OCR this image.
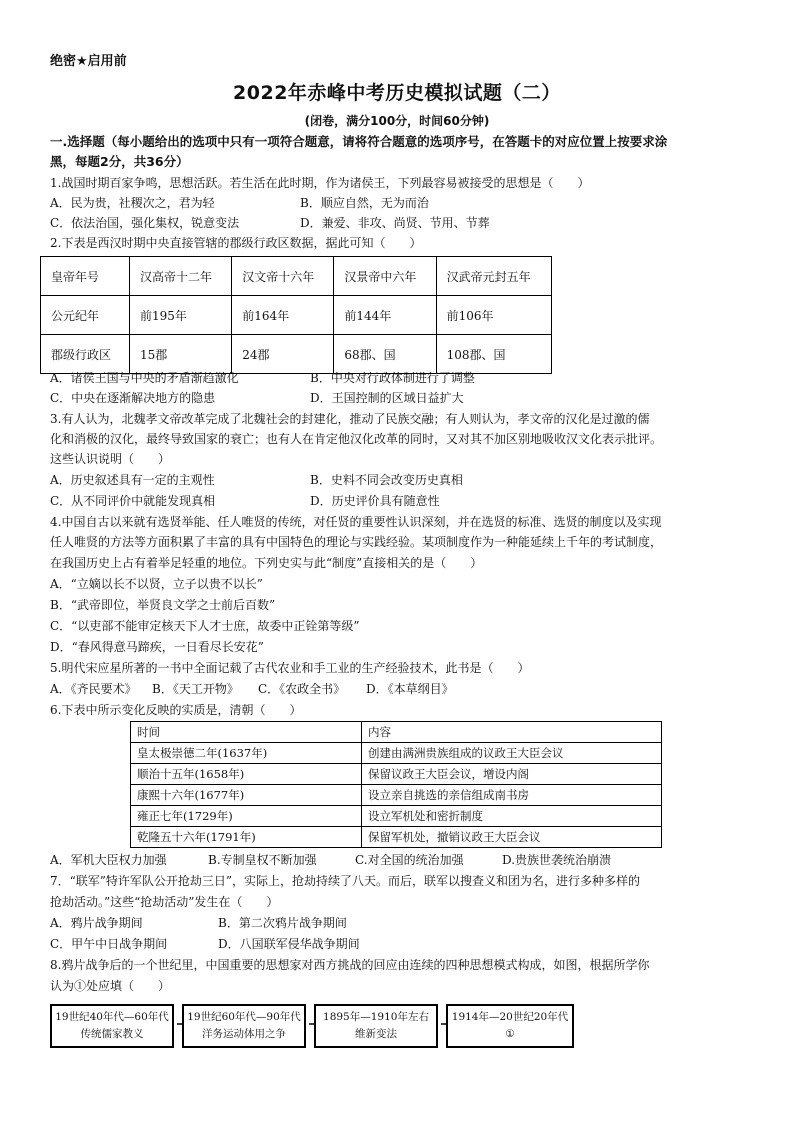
绝密★启用前
2022年赤峰中考历史模拟试题（二）
(闭卷，满分100分，时间60分钟)
一.选择题（每小题给出的选项中只有一项符合题意，请将符合题意的选项序号，在答题卡的对应位置上按要求涂
黑，每题2分，共36分）
1.战国时期百家争鸣，思想活跃。若生活在此时期，作为诸侯王，下列最容易被接受的思想是（　　）
A．民为贵，社稷次之，君为轻	B．顺应自然，无为而治
C．依法治国，强化集权，锐意变法	D．兼爱、非攻、尚贤、节用、节葬
2.下表是西汉时期中央直接管辖的郡级行政区数据，据此可知（　　）
皇帝年号	汉高帝十二年	汉文帝十六年	汉景帝中六年	汉武帝元封五年
公元纪年	前195年	前164年	前144年	前106年
郡级行政区	15郡	24郡	68郡、国	108郡、国
A．诸侯王国与中央的矛盾渐趋激化	B．中央对行政体制进行了调整
C．中央在逐渐解决地方的隐患	D．王国控制的区域日益扩大
3.有人认为，北魏孝文帝改革完成了北魏社会的封建化，推动了民族交融；有人则认为，孝文帝的汉化是过激的儒
化和消极的汉化，最终导致国家的衰亡；也有人在肯定他汉化改革的同时，又对其不加区别地吸收汉文化表示批评。
这些认识说明（　　）
A．历史叙述具有一定的主观性	B．史料不同会改变历史真相
C．从不同评价中就能发现真相	D．历史评价具有随意性
4.中国自古以来就有选贤举能、任人唯贤的传统，对任贤的重要性认识深刻，并在选贤的标准、选贤的制度以及实现
任人唯贤的方法等方面积累了丰富的具有中国特色的理论与实践经验。某项制度作为一种能延续上千年的考试制度，
在我国历史上占有着举足轻重的地位。下列史实与此“制度”直接相关的是（　　）
A．“立嫡以长不以贤，立子以贵不以长”
B．“武帝即位，举贤良文学之士前后百数”
C．“以吏部不能审定核天下人才士庶，故委中正铨第等级”
D．“春风得意马蹄疾，一日看尽长安花”
5.明代宋应星所著的一书中全面记载了古代农业和手工业的生产经验技术，此书是（　　）
A．《齐民要术》 B．《天工开物》 C．《农政全书》 D．《本草纲目》
6.下表中所示变化反映的实质是，清朝（　　）
时间	内容
皇太极崇德二年(1637年)	创建由满洲贵族组成的议政王大臣会议
顺治十五年(1658年)	保留议政王大臣会议，增设内阁
康熙十六年(1677年)	设立亲自挑选的亲信组成南书房
雍正七年(1729年)	设立军机处和密折制度
乾隆五十六年(1791年)	保留军机处，撤销议政王大臣会议
A．军机大臣权力加强	B.专制皇权不断加强	C.对全国的统治加强	D.贵族世袭统治崩溃
7．“联军”特许军队公开抢劫三日”，实际上，抢劫持续了八天。而后，联军以搜查义和团为名，进行多种多样的
抢劫活动。”这些“抢劫活动”发生在（　　）
A．鸦片战争期间	B．第二次鸦片战争期间
C．甲午中日战争期间	D．八国联军侵华战争期间
8.鸦片战争后的一个世纪里，中国重要的思想家对西方挑战的回应由连续的四种思想模式构成，如图，根据所学你
认为①处应填（　　）
19世纪40年代—60年代
传统儒家教义
19世纪60年代—90年代
洋务运动体用之争
1895年—1910年左右
维新变法
1914年—20世纪20年代
①
